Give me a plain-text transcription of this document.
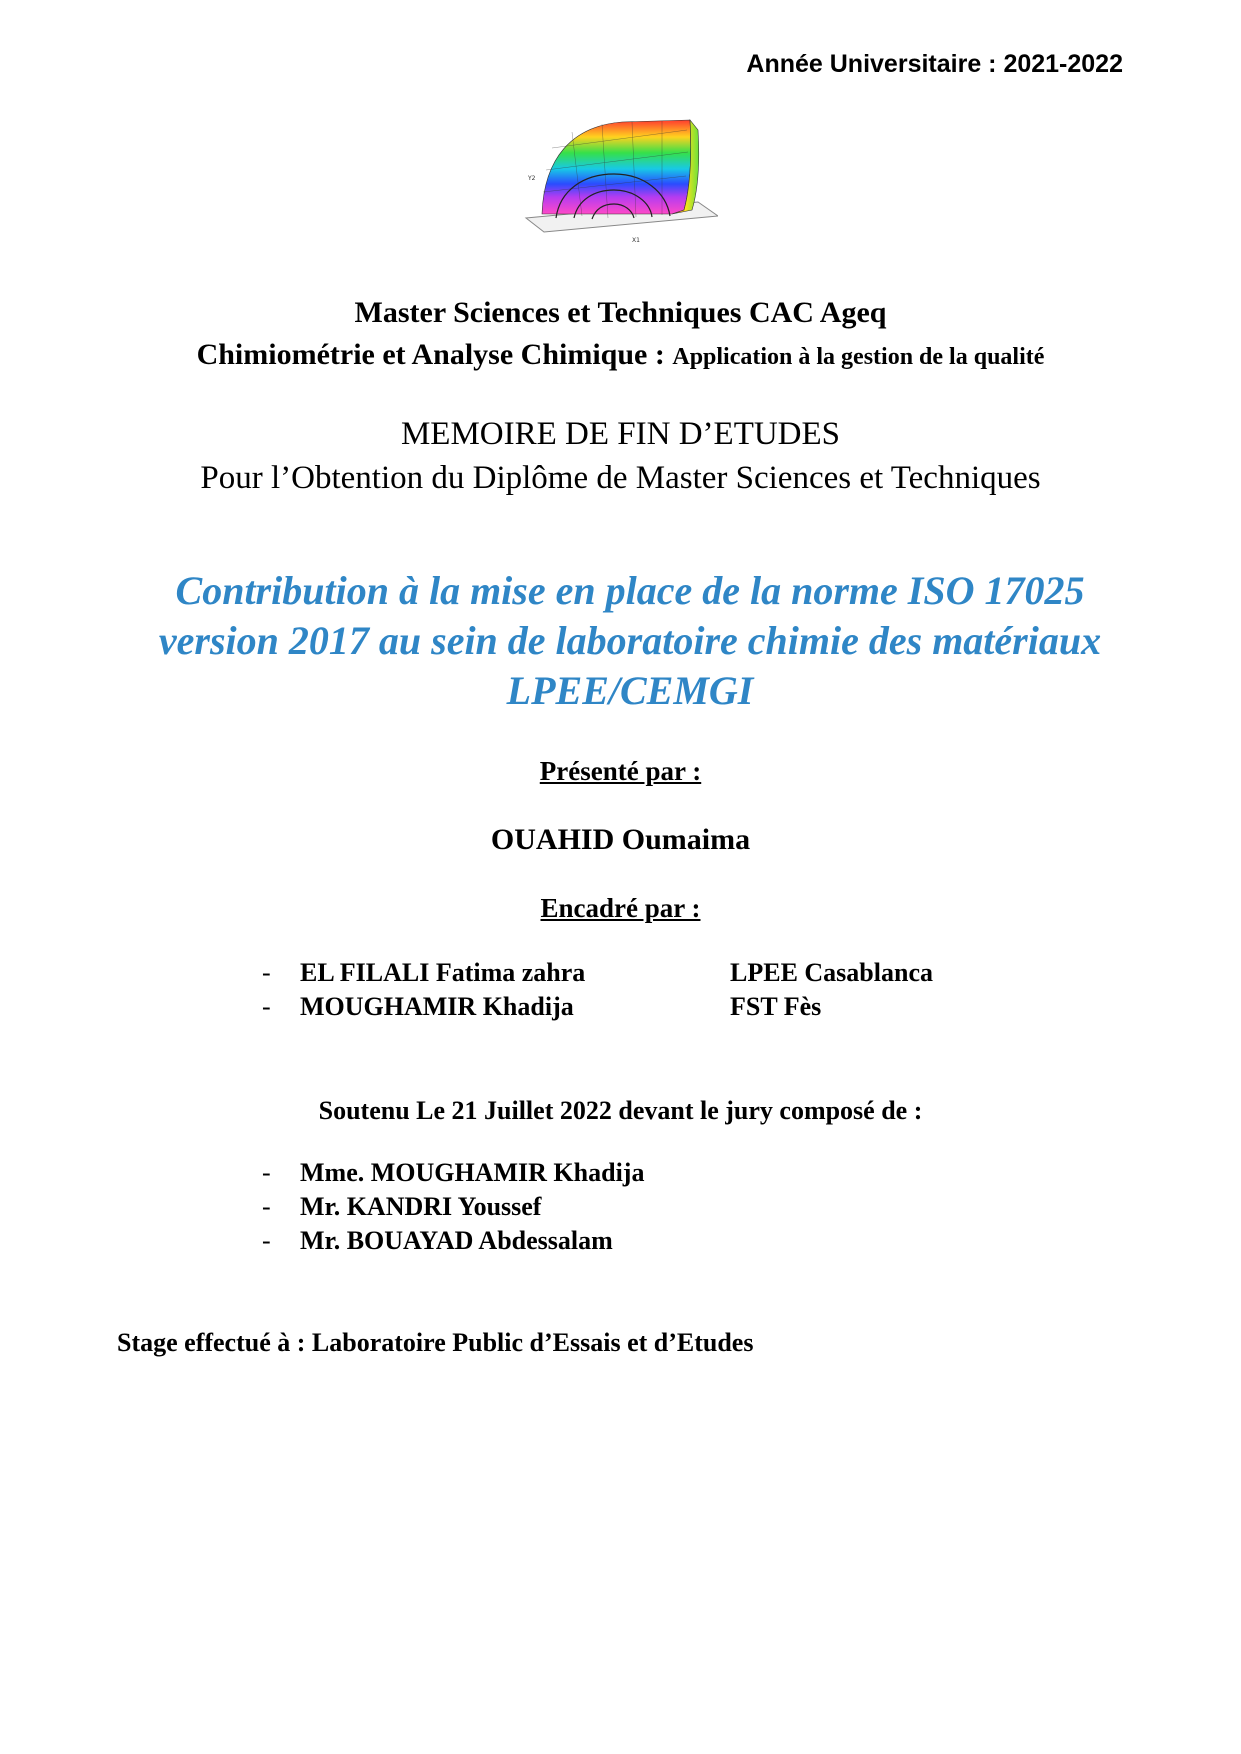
Année Universitaire : 2021-2022
Y2
X1
Master Sciences et Techniques CAC Ageq
Chimiométrie et Analyse Chimique : Application à la gestion de la qualité
MEMOIRE DE FIN D’ETUDES
Pour l’Obtention du Diplôme de Master Sciences et Techniques
Contribution à la mise en place de la norme ISO 17025
version 2017 au sein de laboratoire chimie des matériaux
LPEE/CEMGI
Présenté par :
OUAHID Oumaima
Encadré par :
- EL FILALI Fatima zahra	LPEE Casablanca
- MOUGHAMIR Khadija	FST Fès
Soutenu Le 21 Juillet 2022 devant le jury composé de :
- Mme. MOUGHAMIR Khadija
- Mr. KANDRI Youssef
- Mr. BOUAYAD Abdessalam
Stage effectué à : Laboratoire Public d’Essais et d’Etudes
